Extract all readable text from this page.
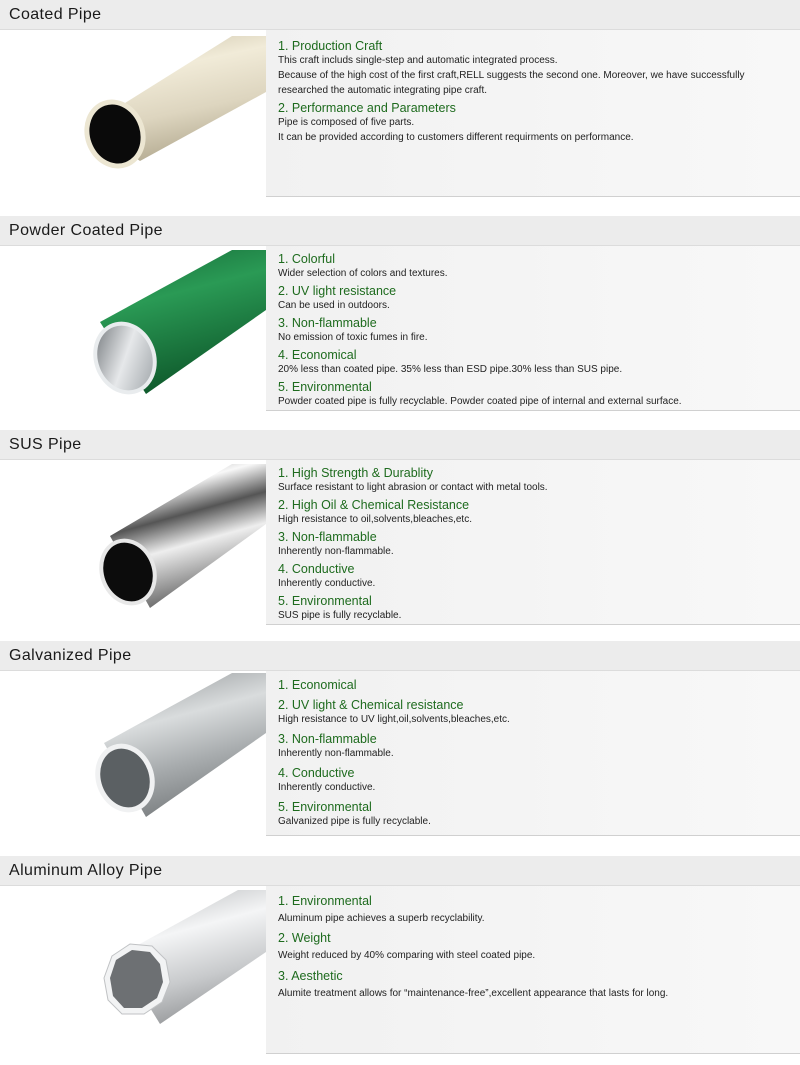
Coated Pipe
1. Production Craft
This craft includs single-step and automatic integrated process.
Because of the high cost of the first craft,RELL suggests the second one. Moreover, we have successfully
researched the automatic integrating pipe craft.
2. Performance and Parameters
Pipe is composed of five parts.
It can be provided according to customers different requirments on performance.
Powder Coated Pipe
1. Colorful
Wider selection of colors and textures.
2. UV light resistance
Can be used in outdoors.
3. Non-flammable
No emission of toxic fumes in fire.
4. Economical
20% less than coated pipe. 35% less than ESD pipe.30% less than SUS pipe.
5. Environmental
Powder coated pipe is fully recyclable. Powder coated pipe of internal and external surface.
SUS Pipe
1. High Strength & Durablity
Surface resistant to light abrasion or contact with metal tools.
2. High Oil & Chemical Resistance
High resistance to oil,solvents,bleaches,etc.
3. Non-flammable
Inherently non-flammable.
4. Conductive
Inherently conductive.
5. Environmental
SUS pipe is fully recyclable.
Galvanized Pipe
1. Economical
2. UV light & Chemical resistance
High resistance to UV light,oil,solvents,bleaches,etc.
3. Non-flammable
Inherently non-flammable.
4. Conductive
Inherently conductive.
5. Environmental
Galvanized pipe is fully recyclable.
Aluminum Alloy Pipe
1. Environmental
Aluminum pipe achieves a superb recyclability.
2. Weight
Weight reduced by 40% comparing with steel coated pipe.
3. Aesthetic
Alumite treatment allows for “maintenance-free”,excellent appearance that lasts for long.
